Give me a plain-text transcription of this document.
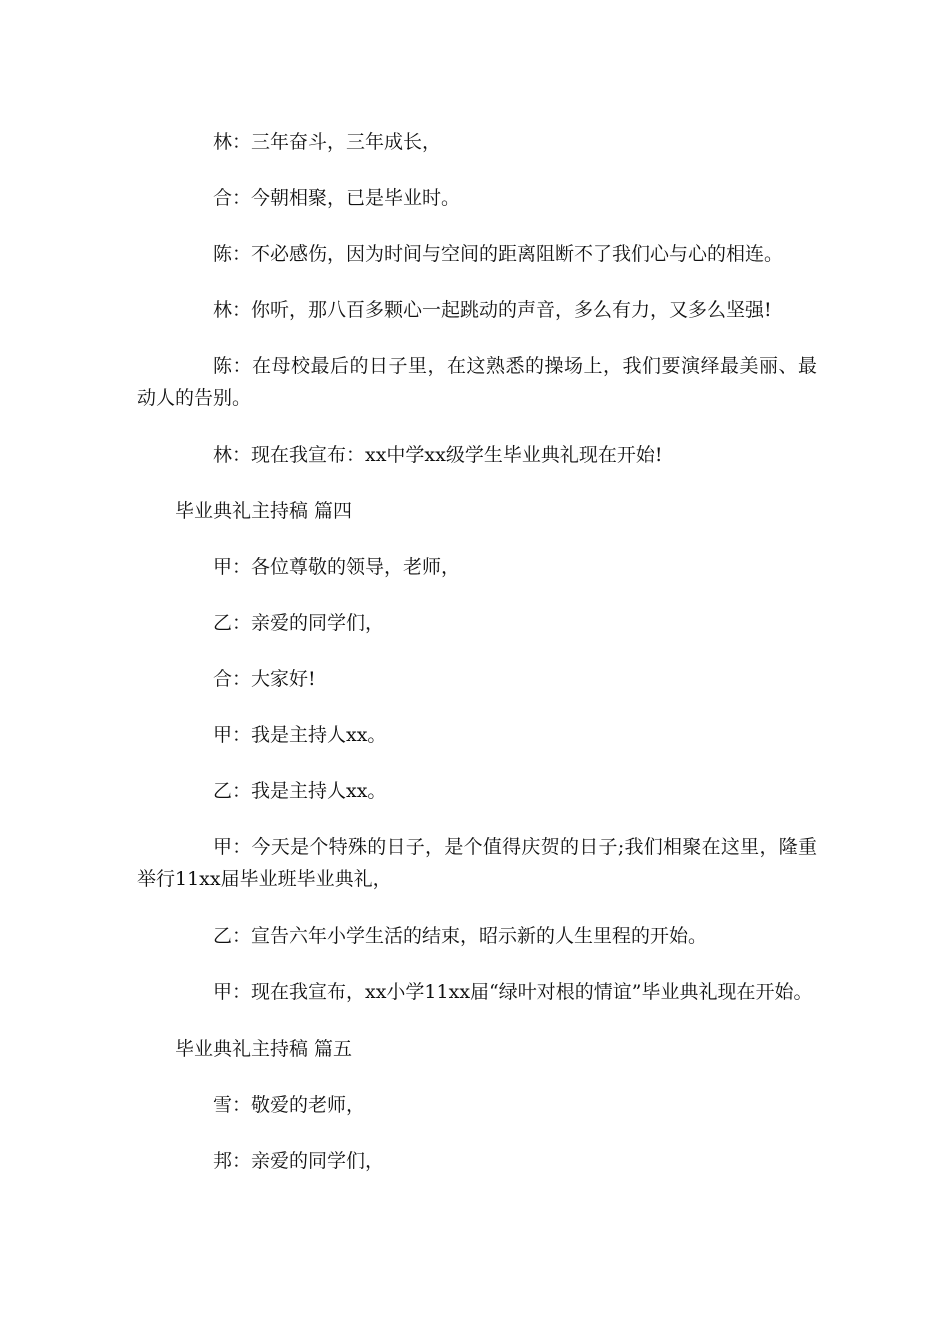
林：三年奋斗，三年成长，

合：今朝相聚，已是毕业时。

陈：不必感伤，因为时间与空间的距离阻断不了我们心与心的相连。

林：你听，那八百多颗心一起跳动的声音，多么有力，又多么坚强!

陈：在母校最后的日子里，在这熟悉的操场上，我们要演绎最美丽、最动人的告别。

林：现在我宣布：xx中学xx级学生毕业典礼现在开始!

毕业典礼主持稿 篇四

甲：各位尊敬的领导，老师，

乙：亲爱的同学们，

合：大家好!

甲：我是主持人xx。

乙：我是主持人xx。

甲：今天是个特殊的日子，是个值得庆贺的日子;我们相聚在这里，隆重举行11xx届毕业班毕业典礼，

乙：宣告六年小学生活的结束，昭示新的人生里程的开始。

甲：现在我宣布，xx小学11xx届“绿叶对根的情谊”毕业典礼现在开始。

毕业典礼主持稿 篇五

雪：敬爱的老师，

邦：亲爱的同学们，
